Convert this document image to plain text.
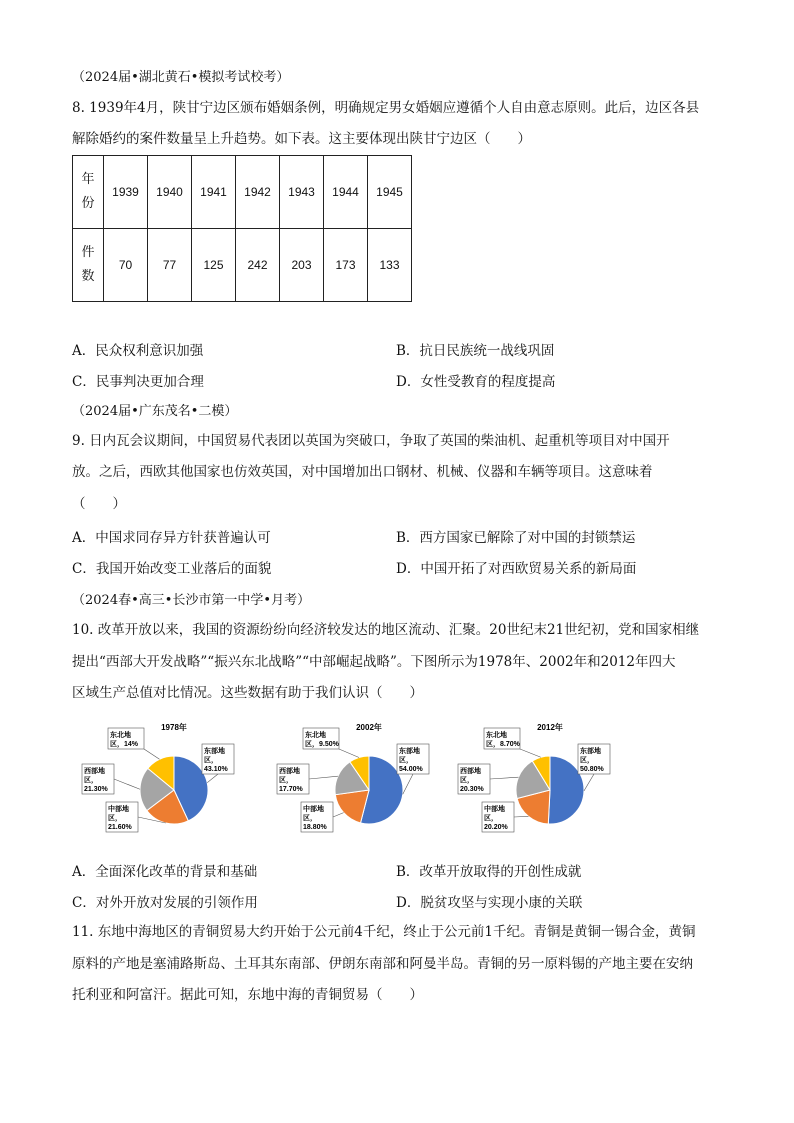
（2024届•湖北黄石•模拟考试校考）
8. 1939年4月，陕甘宁边区颁布婚姻条例，明确规定男女婚姻应遵循个人自由意志原则。此后，边区各县
解除婚约的案件数量呈上升趋势。如下表。这主要体现出陕甘宁边区（　　）
年
份	1939	1940	1941	1942	1943	1944	1945

件
数	70	77	125	242	203	173	133
A．民众权利意识加强	B．抗日民族统一战线巩固
C．民事判决更加合理	D．女性受教育的程度提高
（2024届•广东茂名•二模）
9. 日内瓦会议期间，中国贸易代表团以英国为突破口，争取了英国的柴油机、起重机等项目对中国开
放。之后，西欧其他国家也仿效英国，对中国增加出口钢材、机械、仪器和车辆等项目。这意味着
（　　）
A．中国求同存异方针获普遍认可	B．西方国家已解除了对中国的封锁禁运
C．我国开始改变工业落后的面貌	D．中国开拓了对西欧贸易关系的新局面
（2024春•高三•长沙市第一中学•月考）
10. 改革开放以来，我国的资源纷纷向经济较发达的地区流动、汇聚。20世纪末21世纪初，党和国家相继
提出“西部大开发战略”“振兴东北战略”“中部崛起战略”。下图所示为1978年、2002年和2012年四大
区域生产总值对比情况。这些数据有助于我们认识（　　）
1978年
东部地
区，
43.10%
中部地
区，
21.60%
西部地
区，
21.30%
东北地
区，14%
2002年
东部地
区，
54.00%
中部地
区，
18.80%
西部地
区，
17.70%
东北地
区，9.50%
2012年
东部地
区，
50.80%
中部地
区，
20.20%
西部地
区，
20.30%
东北地
区，8.70%
A．全面深化改革的背景和基础	B．改革开放取得的开创性成就
C．对外开放对发展的引领作用	D．脱贫攻坚与实现小康的关联
11. 东地中海地区的青铜贸易大约开始于公元前4千纪，终止于公元前1千纪。青铜是黄铜一锡合金，黄铜
原料的产地是塞浦路斯岛、土耳其东南部、伊朗东南部和阿曼半岛。青铜的另一原料锡的产地主要在安纳
托利亚和阿富汗。据此可知，东地中海的青铜贸易（　　）
